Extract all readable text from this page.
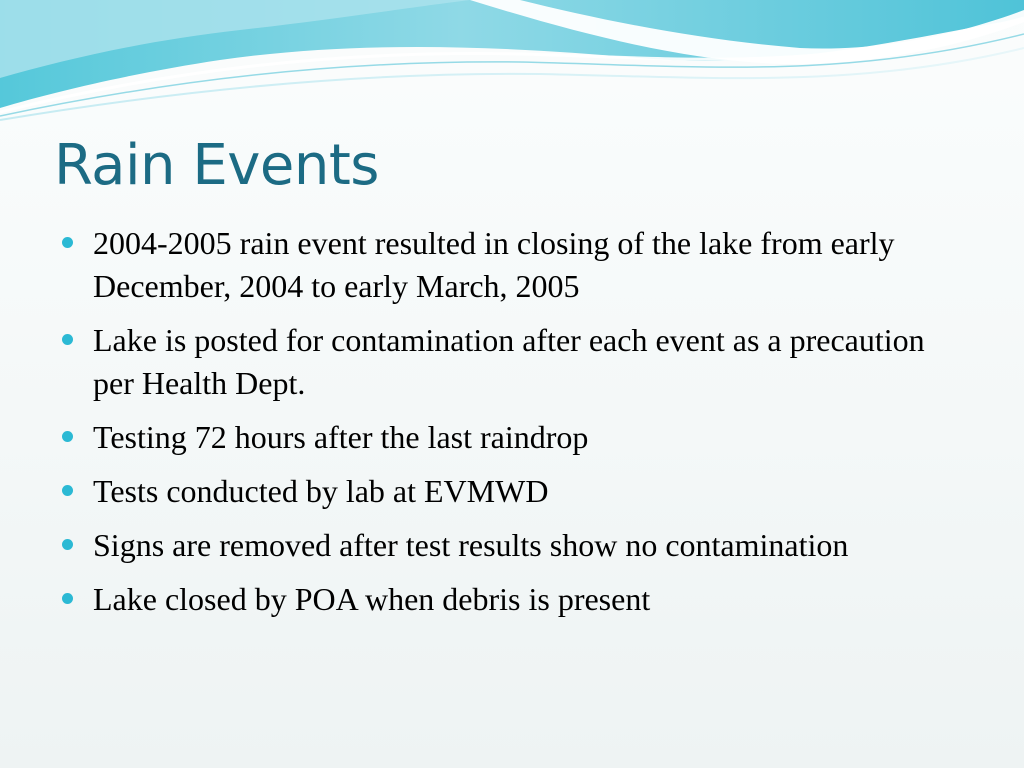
Rain Events
2004-2005 rain event resulted in closing of the lake from early December, 2004 to early March, 2005
Lake is posted for contamination after each event as a precaution per Health Dept.
Testing 72 hours after the last raindrop
Tests conducted by lab at EVMWD
Signs are removed after test results show no contamination
Lake closed by POA when debris is present
